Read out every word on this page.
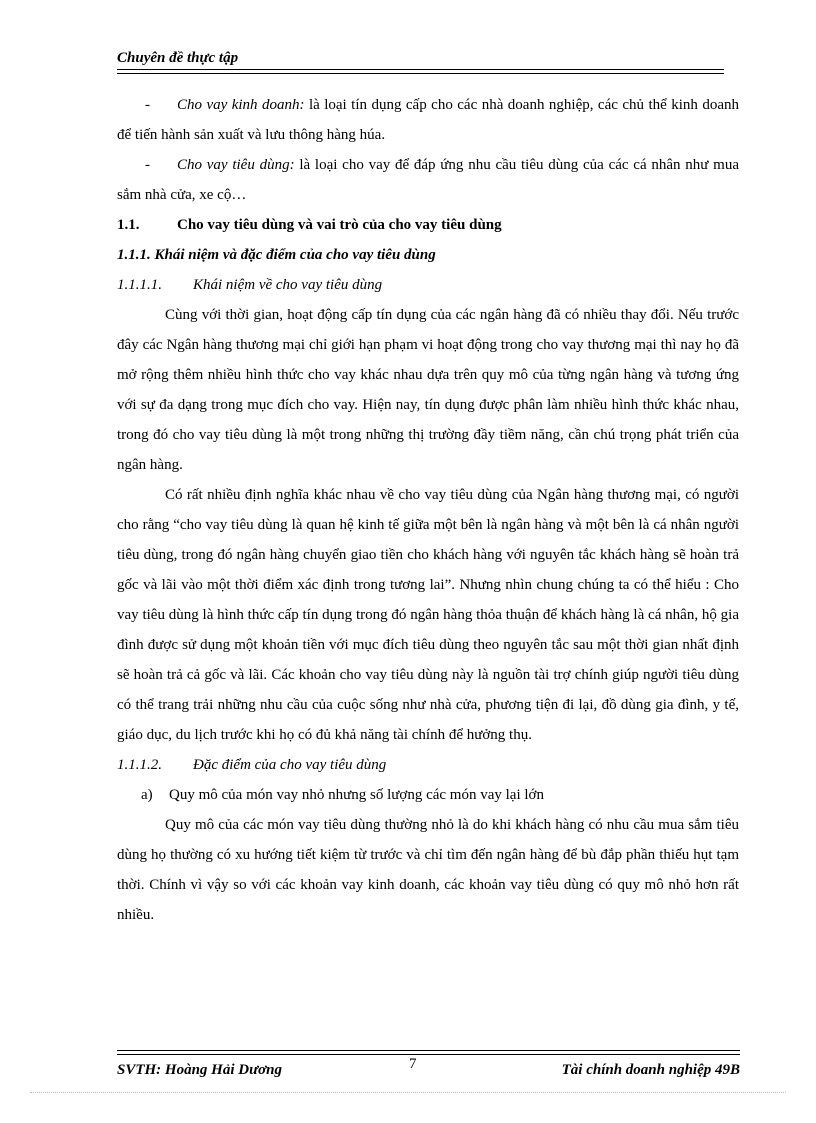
Chuyên đề thực tập

- Cho vay kinh doanh: là loại tín dụng cấp cho các nhà doanh nghiệp, các chủ thể kinh doanh để tiến hành sản xuất và lưu thông hàng húa.

- Cho vay tiêu dùng: là loại cho vay để đáp ứng nhu cầu tiêu dùng của các cá nhân như mua sắm nhà cửa, xe cộ…

1.1.	Cho vay tiêu dùng và vai trò của cho vay tiêu dùng

1.1.1. Khái niệm và đặc điểm của cho vay tiêu dùng

1.1.1.1. Khái niệm về cho vay tiêu dùng

Cùng với thời gian, hoạt động cấp tín dụng của các ngân hàng đã có nhiều thay đổi. Nếu trước đây các Ngân hàng thương mại chỉ giới hạn phạm vi hoạt động trong cho vay thương mại thì nay họ đã mở rộng thêm nhiều hình thức cho vay khác nhau dựa trên quy mô của từng ngân hàng và tương ứng với sự đa dạng trong mục đích cho vay. Hiện nay, tín dụng được phân làm nhiều hình thức khác nhau, trong đó cho vay tiêu dùng là một trong những thị trường đầy tiềm năng, cần chú trọng phát triển của ngân hàng.

Có rất nhiều định nghĩa khác nhau về cho vay tiêu dùng của Ngân hàng thương mại, có người cho rằng “cho vay tiêu dùng là quan hệ kinh tế giữa một bên là ngân hàng và một bên là cá nhân người tiêu dùng, trong đó ngân hàng chuyển giao tiền cho khách hàng với nguyên tắc khách hàng sẽ hoàn trả gốc và lãi vào một thời điểm xác định trong tương lai”. Nhưng nhìn chung chúng ta có thể hiểu : Cho vay tiêu dùng là hình thức cấp tín dụng trong đó ngân hàng thỏa thuận để khách hàng là cá nhân, hộ gia đình được sử dụng một khoản tiền với mục đích tiêu dùng theo nguyên tắc sau một thời gian nhất định sẽ hoàn trả cả gốc và lãi. Các khoản cho vay tiêu dùng này là nguồn tài trợ chính giúp người tiêu dùng có thể trang trải những nhu cầu của cuộc sống như nhà cửa, phương tiện đi lại, đồ dùng gia đình, y tế, giáo dục, du lịch trước khi họ có đủ khả năng tài chính để hưởng thụ.

1.1.1.2. Đặc điểm của cho vay tiêu dùng

a) Quy mô của món vay nhỏ nhưng số lượng các món vay lại lớn

Quy mô của các món vay tiêu dùng thường nhỏ là do khi khách hàng có nhu cầu mua sắm tiêu dùng họ thường có xu hướng tiết kiệm từ trước và chỉ tìm đến ngân hàng để bù đắp phần thiếu hụt tạm thời. Chính vì vậy so với các khoản vay kinh doanh, các khoản vay tiêu dùng có quy mô nhỏ hơn rất nhiều.

SVTH: Hoàng Hải Dương	7	Tài chính doanh nghiệp 49B
